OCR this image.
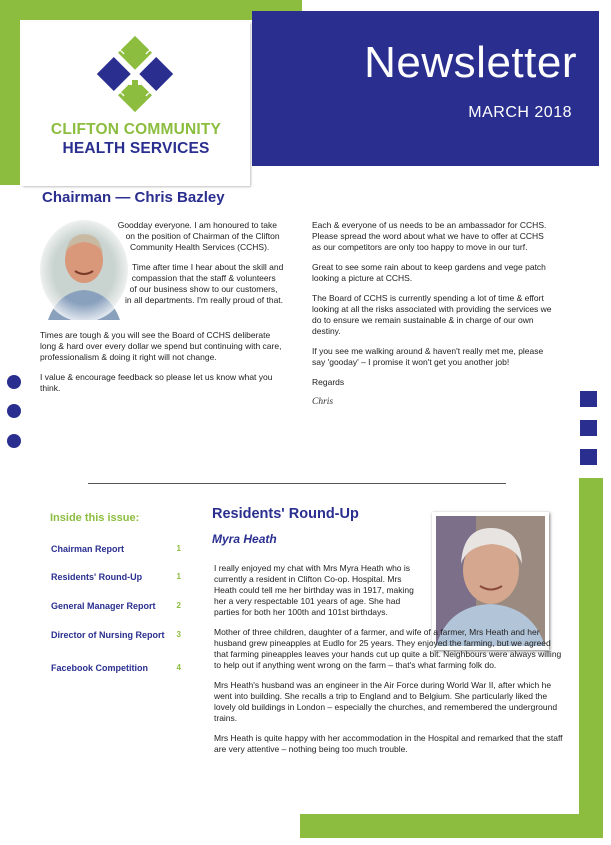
Newsletter
MARCH 2018
CLIFTON COMMUNITY
HEALTH SERVICES
Chairman — Chris Bazley

Goodday everyone. I am honoured to take on the position of Chairman of the Clifton Community Health Services (CCHS).

Time after time I hear about the skill and compassion that the staff & volunteers of our business show to our customers, in all departments. I'm really proud of that.

Times are tough & you will see the Board of CCHS deliberate long & hard over every dollar we spend but continuing with care, professionalism & doing it right will not change.

I value & encourage feedback so please let us know what you think.

Each & everyone of us needs to be an ambassador for CCHS. Please spread the word about what we have to offer at CCHS as our competitors are only too happy to move in our turf.

Great to see some rain about to keep gardens and vege patch looking a picture at CCHS.

The Board of CCHS is currently spending a lot of time & effort looking at all the risks associated with providing the services we do to ensure we remain sustainable & in charge of our own destiny.

If you see me walking around & haven't really met me, please say 'gooday' – I promise it won't get you another job!

Regards

Chris
Inside this issue:
Chairman Report	1
Residents' Round-Up	1
General Manager Report	2
Director of Nursing Report 3
Facebook Competition	4
Residents' Round-Up
Myra Heath

I really enjoyed my chat with Mrs Myra Heath who is currently a resident in Clifton Co-op. Hospital. Mrs Heath could tell me her birthday was in 1917, making her a very respectable 101 years of age. She had parties for both her 100th and 101st birthdays.

Mother of three children, daughter of a farmer, and wife of a farmer, Mrs Heath and her husband grew pineapples at Eudlo for 25 years. They enjoyed the farming, but we agreed that farming pineapples leaves your hands cut up quite a bit. Neighbours were always willing to help out if anything went wrong on the farm – that's what farming folk do.

Mrs Heath's husband was an engineer in the Air Force during World War II, after which he went into building. She recalls a trip to England and to Belgium. She particularly liked the lovely old buildings in London – especially the churches, and remembered the underground trains.

Mrs Heath is quite happy with her accommodation in the Hospital and remarked that the staff are very attentive – nothing being too much trouble.
